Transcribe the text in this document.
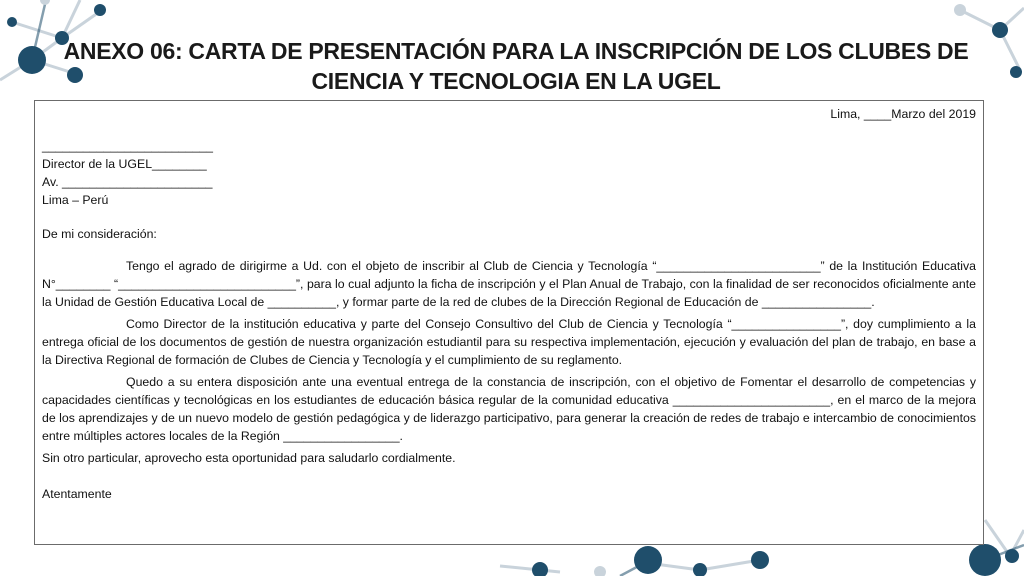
ANEXO 06: CARTA DE PRESENTACIÓN PARA LA INSCRIPCIÓN DE LOS CLUBES DE
CIENCIA Y TECNOLOGIA EN LA UGEL
Lima, ____Marzo del 2019
_________________________
Director de la UGEL________
Av. ______________________
Lima – Perú
De mi consideración:
Tengo el agrado de dirigirme a Ud. con el objeto de inscribir al Club de Ciencia y Tecnología “________________________” de la Institución Educativa N°________ “__________________________”, para lo cual adjunto la ficha de inscripción y el Plan Anual de Trabajo, con la finalidad de ser reconocidos oficialmente ante la Unidad de Gestión Educativa Local de __________, y formar parte de la red de clubes de la Dirección Regional de Educación de ________________.
Como Director de la institución educativa y parte del Consejo Consultivo del Club de Ciencia y Tecnología “________________”, doy cumplimiento a la entrega oficial de los documentos de gestión de nuestra organización estudiantil para su respectiva implementación, ejecución y evaluación del plan de trabajo, en base a la Directiva Regional de formación de Clubes de Ciencia y Tecnología y el cumplimiento de su reglamento.
Quedo a su entera disposición ante una eventual entrega de la constancia de inscripción, con el objetivo de Fomentar el desarrollo de competencias y capacidades científicas y tecnológicas en los estudiantes de educación básica regular de la comunidad educativa _______________________, en el marco de la mejora de los aprendizajes y de un nuevo modelo de gestión pedagógica y de liderazgo participativo, para generar la creación de redes de trabajo e intercambio de conocimientos entre múltiples actores locales de la Región _________________.
Sin otro particular, aprovecho esta oportunidad para saludarlo cordialmente.
Atentamente
